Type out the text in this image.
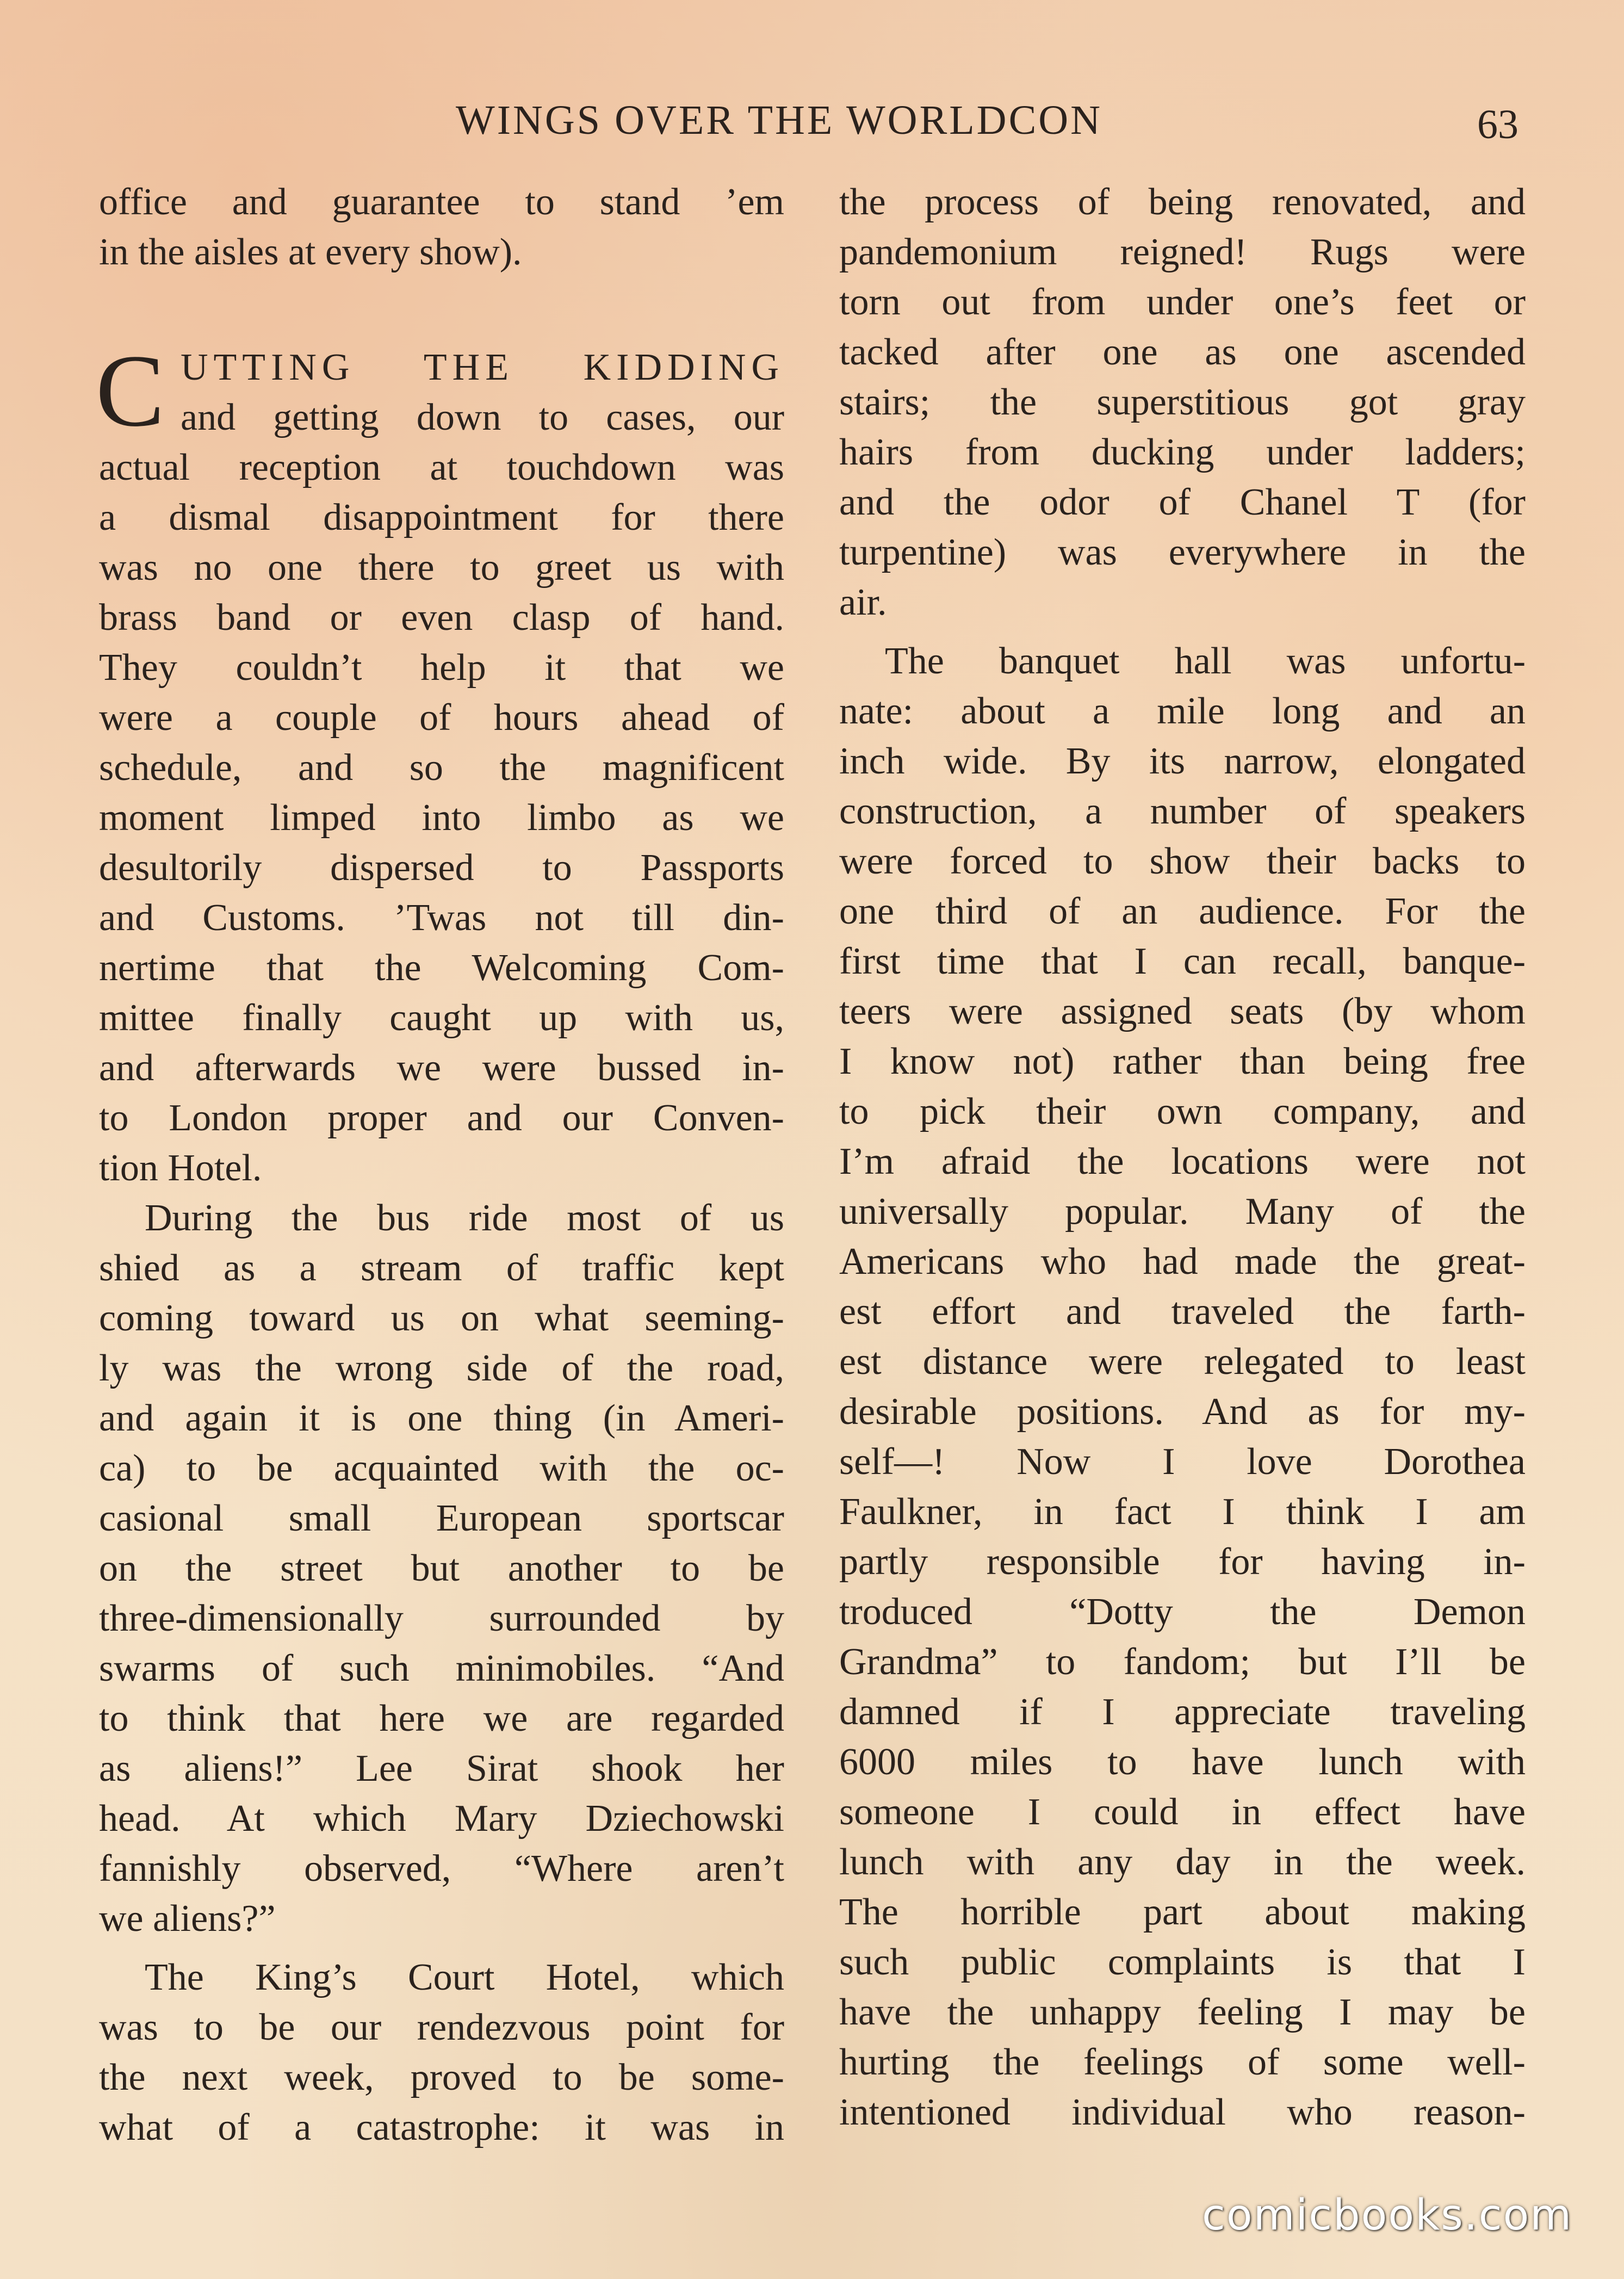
WINGS OVER THE WORLDCON	63
office and guarantee to stand ’em
in the aisles at every show).
C UTTING THE KIDDING
and getting down to cases, our
actual reception at touchdown was
a dismal disappointment for there
was no one there to greet us with
brass band or even clasp of hand.
They couldn’t help it that we
were a couple of hours ahead of
schedule, and so the magnificent
moment limped into limbo as we
desultorily dispersed to Passports
and Customs. ’Twas not till din-
nertime that the Welcoming Com-
mittee finally caught up with us,
and afterwards we were bussed in-
to London proper and our Conven-
tion Hotel.
During the bus ride most of us
shied as a stream of traffic kept
coming toward us on what seeming-
ly was the wrong side of the road,
and again it is one thing (in Ameri-
ca) to be acquainted with the oc-
casional small European sportscar
on the street but another to be
three-dimensionally surrounded by
swarms of such minimobiles. “And
to think that here we are regarded
as aliens!” Lee Sirat shook her
head. At which Mary Dziechowski
fannishly observed, “Where aren’t
we aliens?”
The King’s Court Hotel, which
was to be our rendezvous point for
the next week, proved to be some-
what of a catastrophe: it was in
the process of being renovated, and
pandemonium reigned! Rugs were
torn out from under one’s feet or
tacked after one as one ascended
stairs; the superstitious got gray
hairs from ducking under ladders;
and the odor of Chanel T (for
turpentine) was everywhere in the
air.
The banquet hall was unfortu-
nate: about a mile long and an
inch wide. By its narrow, elongated
construction, a number of speakers
were forced to show their backs to
one third of an audience. For the
first time that I can recall, banque-
teers were assigned seats (by whom
I know not) rather than being free
to pick their own company, and
I’m afraid the locations were not
universally popular. Many of the
Americans who had made the great-
est effort and traveled the farth-
est distance were relegated to least
desirable positions. And as for my-
self—! Now I love Dorothea
Faulkner, in fact I think I am
partly responsible for having in-
troduced “Dotty the Demon
Grandma” to fandom; but I’ll be
damned if I appreciate traveling
6000 miles to have lunch with
someone I could in effect have
lunch with any day in the week.
The horrible part about making
such public complaints is that I
have the unhappy feeling I may be
hurting the feelings of some well-
intentioned individual who reason-
comicbooks.com
